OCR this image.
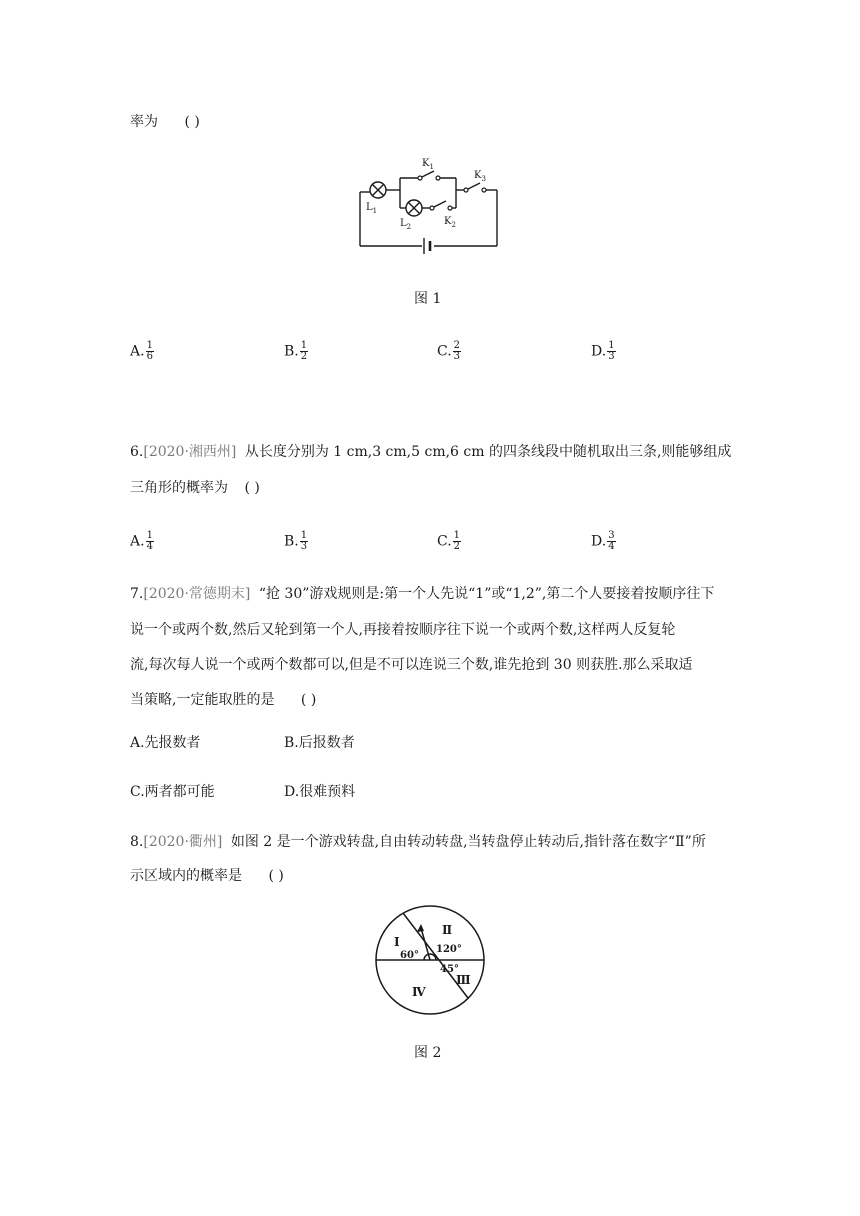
率为 ( )
$K_1$
$K_2$
$K_3$
$L_1$
$L_2$
图 1
A. $\frac{1}{6}$	B. $\frac{1}{2}$	C. $\frac{2}{3}$	D. $\frac{1}{3}$
6.[2020·湘西州] 从长度分别为 1 cm,3 cm,5 cm,6 cm 的四条线段中随机取出三条,则能够组成
三角形的概率为 ( )
A. $\frac{1}{4}$	B. $\frac{1}{3}$	C. $\frac{1}{2}$	D. $\frac{3}{4}$
7.[2020·常德期末] “抢 30”游戏规则是:第一个人先说“1”或“1,2”,第二个人要接着按顺序往下
说一个或两个数,然后又轮到第一个人,再接着按顺序往下说一个或两个数,这样两人反复轮
流,每次每人说一个或两个数都可以,但是不可以连说三个数,谁先抢到 30 则获胜.那么采取适
当策略,一定能取胜的是 ( )
A.先报数者	B.后报数者
C.两者都可能	D.很难预料
8.[2020·衢州] 如图 2 是一个游戏转盘,自由转动转盘,当转盘停止转动后,指针落在数字“Ⅱ”所
示区域内的概率是 ( )
Ⅰ
Ⅱ
Ⅲ
Ⅳ
60°
120°
45°
图 2
